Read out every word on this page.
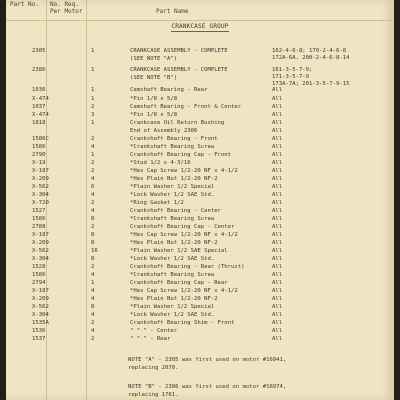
Part No. No. Req.
Per Motor	Part Name
CRANKCASE GROUP
2305	1	CRANKCASE ASSEMBLY - COMPLETE	162-4-6-8; 170-2-4-6-8
172A-6A, 200-2-4-6-8-14
(SEE NOTE "A")
2386	1	CRANKCASE ASSEMBLY - COMPLETE	161-3-5-7-9;
171-3-5-7-9
173A-7A; 201-3-5-7-9-15
(SEE NOTE "B")
1036	1	Camshaft Bearing - Rear	All
X-474	1	*Pin 1/8 x 5/8	All
1037	2	Camshaft Bearing - Front & Center	All
X-474	3	*Pin 1/8 x 5/8	All
1818	1	Crankcase Oil Return Bushing	All
End of Assembly 2306	All
1586C	2	Crankshaft Bearing - Front	All
1586	4	*Crankshaft Bearing Screw	All
2790	1	Crankshaft Bearing Cap - Front	All
X-19	2	*Stud 1/2 x 4-3/16	All
X-187	2	*Hex Cap Screw 1/2-20 NF x 4-1/2	All
X-209	4	*Hex Plain Nut 1/2-20 NF-2	All
X-562	6	*Plain Washer 1/2 Special	All
X-304	4	*Lock Washer 1/2 SAE Std.	All
X-720	2	*Ring Gasket 1/2	All
1527	4	Crankshaft Bearing - Center	All
1586	8	*Crankshaft Bearing Screw	All
2788	2	Crankshaft Bearing Cap - Center	All
X-187	8	*Hex Cap Screw 1/2-20 NF x 4-1/2	All
X-209	8	*Hex Plain Nut 1/2-20 NF-2	All
X-562	16	*Plain Washer 1/2 SAE Special	All
X-304	8	*Lock Washer 1/2 SAE Std.	All
1528	2	Crankshaft Bearing - Rear (Thrust)	All
1586	4	*Crankshaft Bearing Screw	All
2794	1	Crankshaft Bearing Cap - Rear	All
X-187	4	*Hex Cap Screw 1/2-20 NF x 4-1/2	All
X-209	4	*Hex Plain Nut 1/2-20 NF-2	All
X-562	8	*Plain Washer 1/2 Special	All
X-304	4	*Lock Washer 1/2 SAE Std.	All
1535A	2	Crankshaft Bearing Shim - Front	All
1536	4	" " " - Center	All
1537	2	" " " - Rear	All
NOTE "A" - 2305 was first used on motor #16941,
replacing 2070.
NOTE "B" - 2386 was first used on motor #16974,
replacing 1761.
